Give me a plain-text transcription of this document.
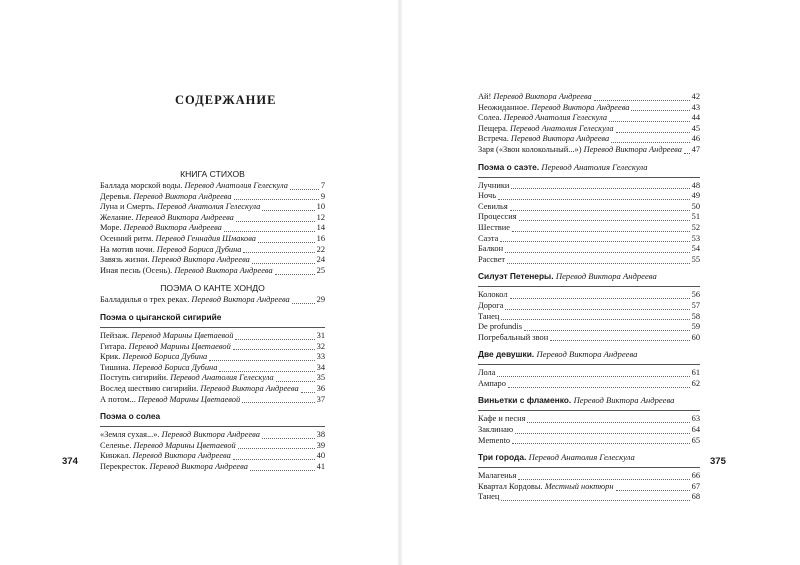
СОДЕРЖАНИЕ
КНИГА СТИХОВ
Баллада морской воды. Перевод Анатолия Гелескула	7
Деревья. Перевод Виктора Андреева	9
Луна и Смерть. Перевод Анатолия Гелескула	10
Желание. Перевод Виктора Андреева	12
Море. Перевод Виктора Андреева	14
Осенний ритм. Перевод Геннадия Шмакова	16
На мотив ночи. Перевод Бориса Дубина	22
Завязь жизни. Перевод Виктора Андреева	24
Иная песнь (Осень). Перевод Виктора Андреева	25
ПОЭМА О КАНТЕ ХОНДО
Балладилья о трех реках. Перевод Виктора Андреева	29
Поэма о цыганской сигирийе
Пейзаж. Перевод Марины Цветаевой	31
Гитара. Перевод Марины Цветаевой	32
Крик. Перевод Бориса Дубина	33
Тишина. Перевод Бориса Дубина	34
Поступь сигирийи. Перевод Анатолия Гелескула	35
Вослед шествию сигирийи. Перевод Виктора Андреева 36
А потом... Перевод Марины Цветаевой	37
Поэма о солеа
«Земля сухая...». Перевод Виктора Андреева	38
Селенье. Перевод Марины Цветаевой	39
Кинжал. Перевод Виктора Андреева	40
Перекресток. Перевод Виктора Андреева	41
374
Ай! Перевод Виктора Андреева	42
Неожиданное. Перевод Виктора Андреева	43
Солеа. Перевод Анатолия Гелескула	44
Пещера. Перевод Анатолия Гелескула	45
Встреча. Перевод Виктора Андреева	46
Заря («Звон колокольный...») Перевод Виктора Андреева 47
Поэма о саэте. Перевод Анатолия Гелескула
Лучники	48
Ночь	49
Севилья	50
Процессия	51
Шествие	52
Саэта	53
Балкон	54
Рассвет	55
Силуэт Петенеры. Перевод Виктора Андреева
Колокол	56
Дорога	57
Танец	58
De profundis	59
Погребальный звон	60
Две девушки. Перевод Виктора Андреева
Лола	61
Ампаро	62
Виньетки с фламенко. Перевод Виктора Андреева
Кафе и песня	63
Заклинаю	64
Memento	65
Три города. Перевод Анатолия Гелескула
Малагенья	66
Квартал Кордовы. Местный ноктюрн	67
Танец	68
375
